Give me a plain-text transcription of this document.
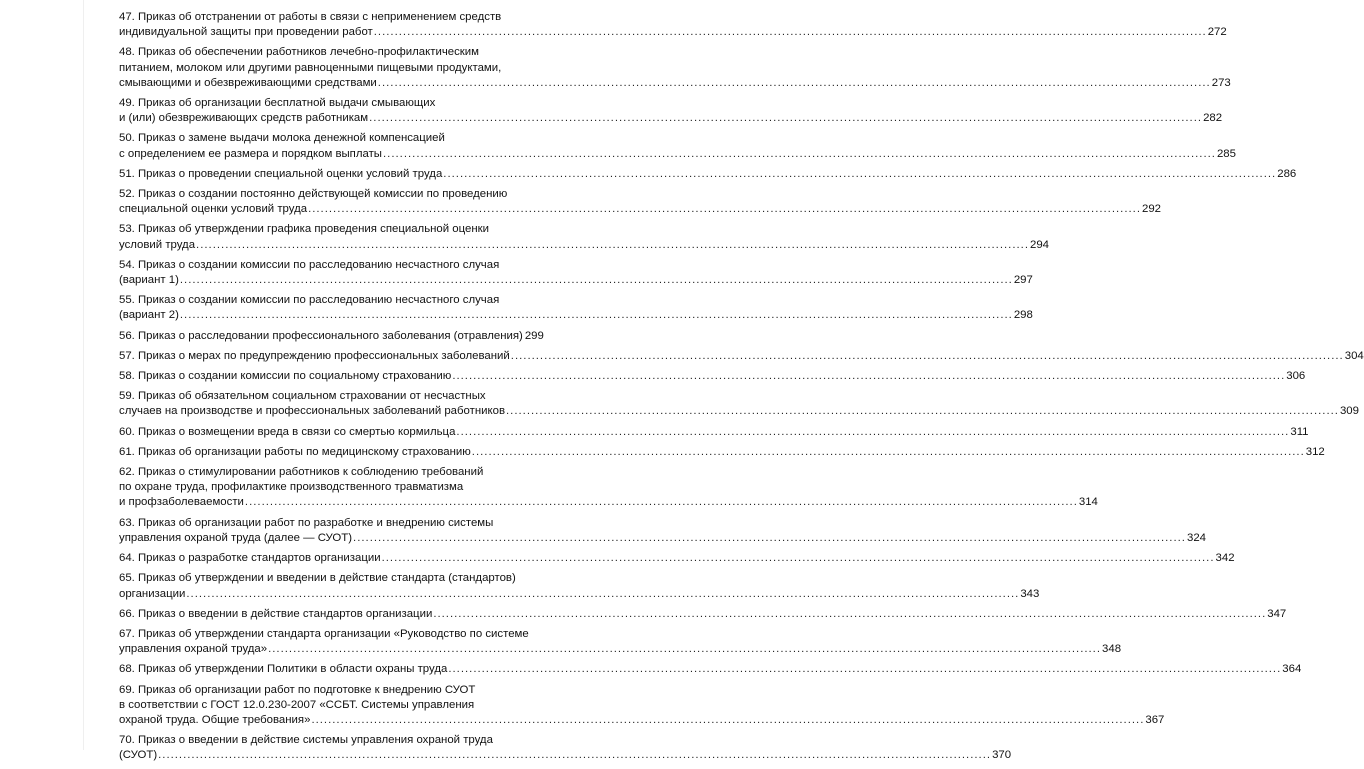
47. Приказ об отстранении от работы в связи с неприменением средств
индивидуальной защиты при проведении работ ........................................................................................................................................................................................................ 272
48. Приказ об обеспечении работников лечебно-профилактическим
питанием, молоком или другими равноценными пищевыми продуктами,
смывающими и обезвреживающими средствами ........................................................................................................................................................................................................ 273
49. Приказ об организации бесплатной выдачи смывающих
и (или) обезвреживающих средств работникам ........................................................................................................................................................................................................ 282
50. Приказ о замене выдачи молока денежной компенсацией
с определением ее размера и порядком выплаты ........................................................................................................................................................................................................ 285
51. Приказ о проведении специальной оценки условий труда ........................................................................................................................................................................................................ 286
52. Приказ о создании постоянно действующей комиссии по проведению
специальной оценки условий труда ........................................................................................................................................................................................................ 292
53. Приказ об утверждении графика проведения специальной оценки
условий труда ........................................................................................................................................................................................................ 294
54. Приказ о создании комиссии по расследованию несчастного случая
(вариант 1) ........................................................................................................................................................................................................ 297
55. Приказ о создании комиссии по расследованию несчастного случая
(вариант 2) ........................................................................................................................................................................................................ 298
56. Приказ о расследовании профессионального заболевания (отравления) 299
57. Приказ о мерах по предупреждению профессиональных заболеваний ........................................................................................................................................................................................................ 304
58. Приказ о создании комиссии по социальному страхованию ........................................................................................................................................................................................................ 306
59. Приказ об обязательном социальном страховании от несчастных
случаев на производстве и профессиональных заболеваний работников ........................................................................................................................................................................................................ 309
60. Приказ о возмещении вреда в связи со смертью кормильца ........................................................................................................................................................................................................ 311
61. Приказ об организации работы по медицинскому страхованию ........................................................................................................................................................................................................ 312
62. Приказ о стимулировании работников к соблюдению требований
по охране труда, профилактике производственного травматизма
и профзаболеваемости ........................................................................................................................................................................................................ 314
63. Приказ об организации работ по разработке и внедрению системы
управления охраной труда (далее — СУОТ) ........................................................................................................................................................................................................ 324
64. Приказ о разработке стандартов организации ........................................................................................................................................................................................................ 342
65. Приказ об утверждении и введении в действие стандарта (стандартов)
организации ........................................................................................................................................................................................................ 343
66. Приказ о введении в действие стандартов организации ........................................................................................................................................................................................................ 347
67. Приказ об утверждении стандарта организации «Руководство по системе
управления охраной труда» ........................................................................................................................................................................................................ 348
68. Приказ об утверждении Политики в области охраны труда ........................................................................................................................................................................................................ 364
69. Приказ об организации работ по подготовке к внедрению СУОТ
в соответствии с ГОСТ 12.0.230-2007 «ССБТ. Системы управления
охраной труда. Общие требования» ........................................................................................................................................................................................................ 367
70. Приказ о введении в действие системы управления охраной труда
(СУОТ) ........................................................................................................................................................................................................ 370
